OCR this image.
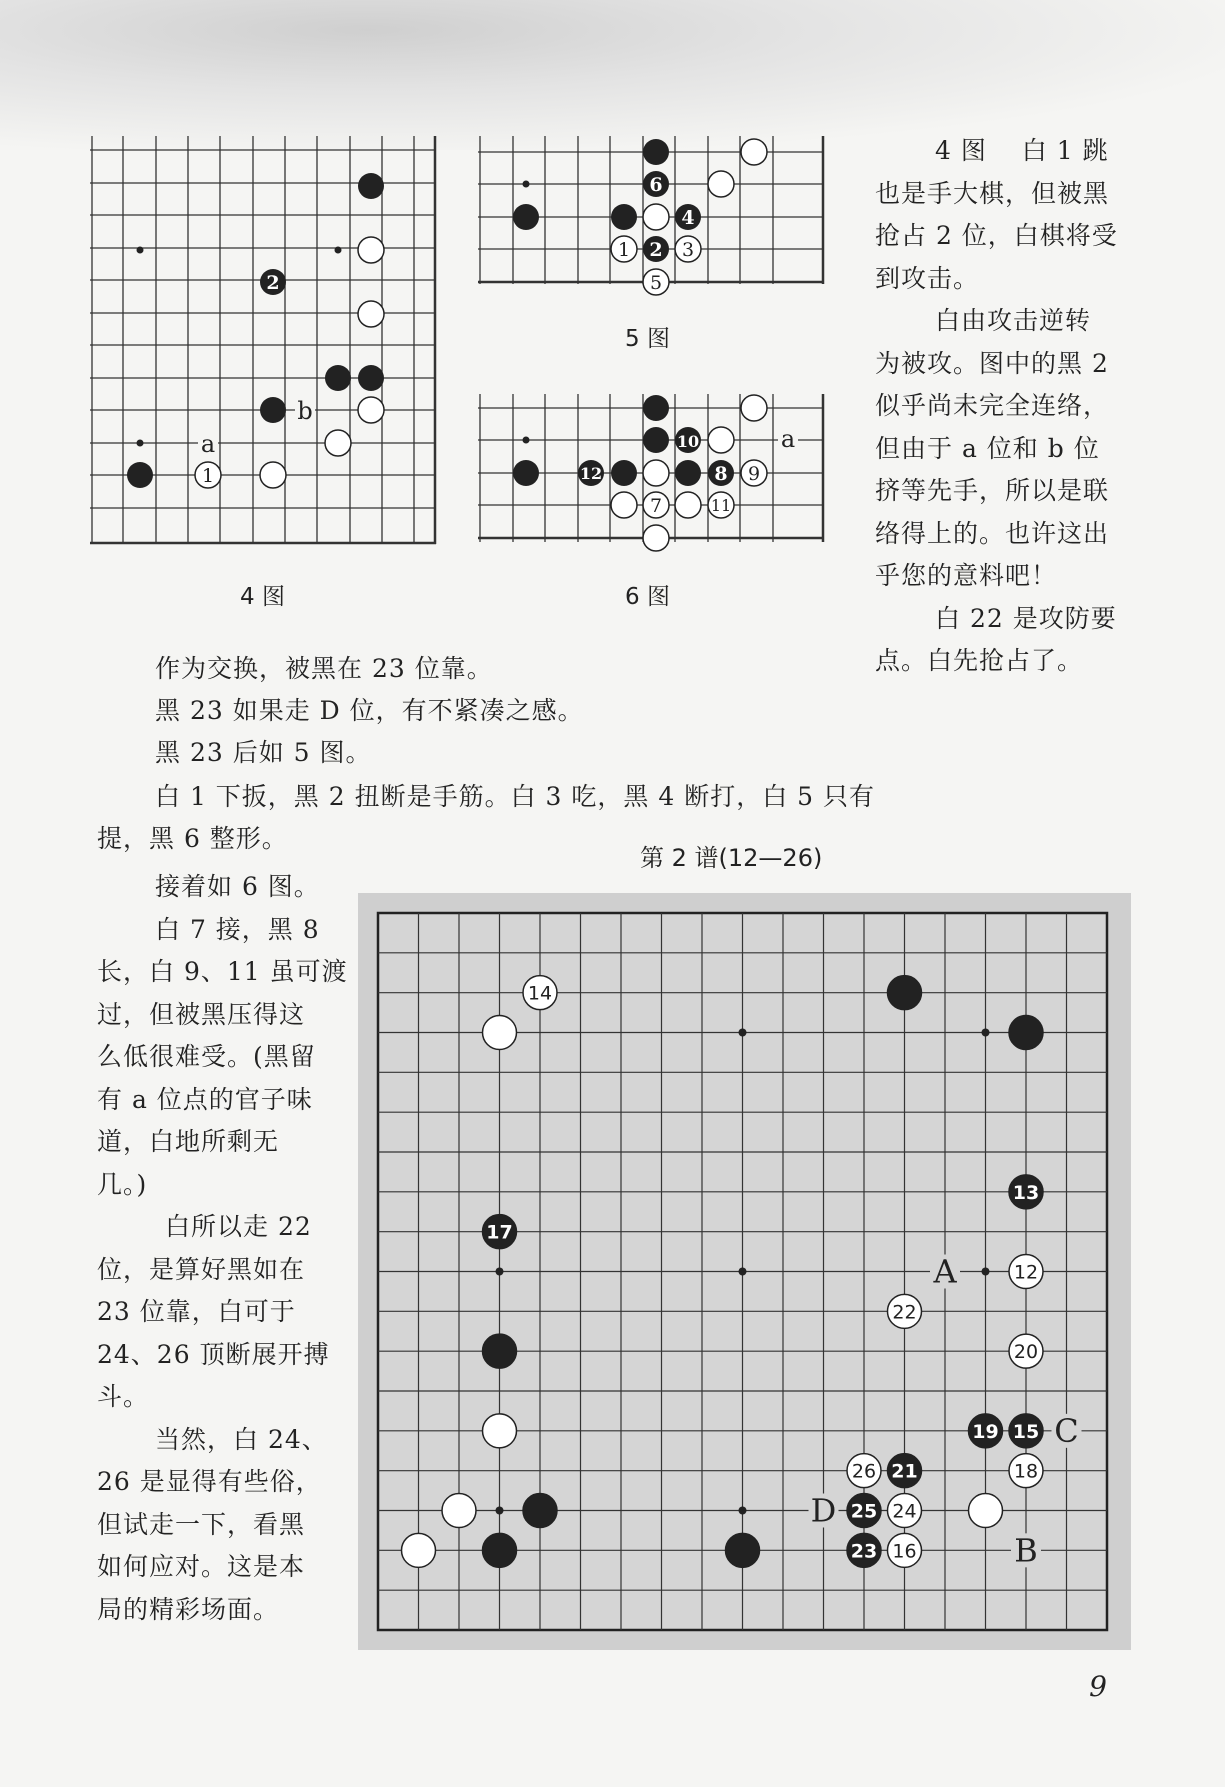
1
2
a
b
4 图
6
4
1 2 3
5
5 图
10	a
12	8 9
7	11
6 图
4 图　 白 1 跳
也是手大棋，但被黑
抢占 2 位，白棋将受
到攻击。
白由攻击逆转
为被攻。图中的黑 2
似乎尚未完全连络，
但由于 a 位和 b 位
挤等先手，所以是联
络得上的。也许这出
乎您的意料吧！
白 22 是攻防要
点。白先抢占了。
作为交换，被黑在 23 位靠。
黑 23 如果走 D 位，有不紧凑之感。
黑 23 后如 5 图。
白 1 下扳，黑 2 扭断是手筋。白 3 吃，黑 4 断打，白 5 只有
提，黑 6 整形。
第 2 谱(12—26)
接着如 6 图。
白 7 接，黑 8
长，白 9、11 虽可渡
过，但被黑压得这
么低很难受。(黑留
有 a 位点的官子味
道，白地所剩无
几。)
白所以走 22
位，是算好黑如在
23 位靠，白可于
24、26 顶断展开搏
斗。
当然，白 24、
26 是显得有些俗，
但试走一下，看黑
如何应对。这是本
局的精彩场面。
14
13
17
12
22
20
19 15
18
26 21
25 24
23 16
A
B
C
D
9
